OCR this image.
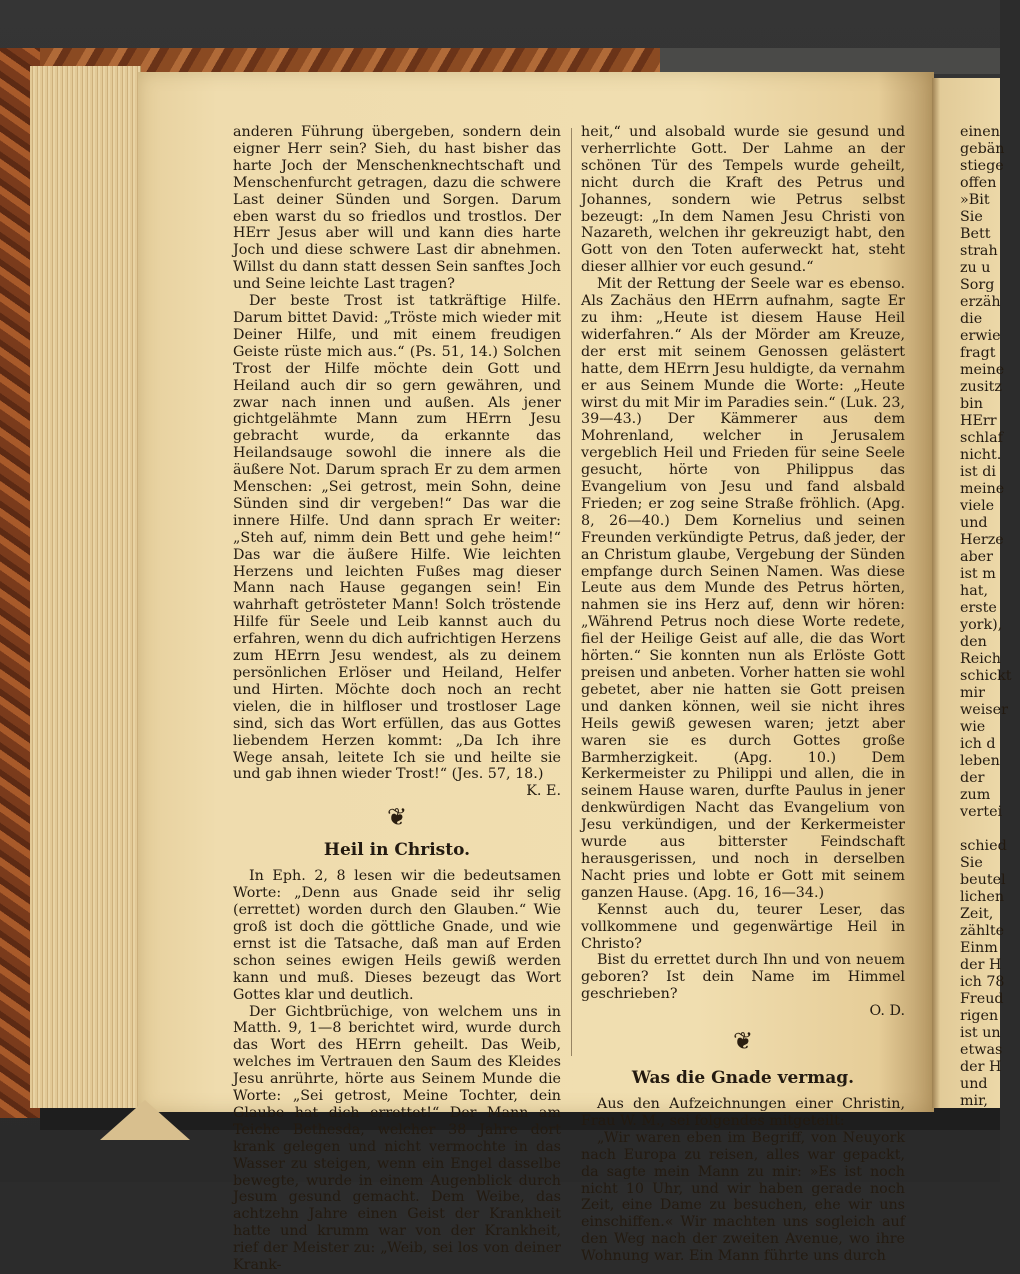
anderen Führung übergeben, sondern dein eigner Herr sein? Sieh, du hast bisher das harte Joch der Menschenknechtschaft und Menschenfurcht getragen, dazu die schwere Last deiner Sünden und Sorgen. Darum eben warst du so friedlos und trostlos. Der HErr Jesus aber will und kann dies harte Joch und diese schwere Last dir abnehmen. Willst du dann statt dessen Sein sanftes Joch und Seine leichte Last tragen?

Der beste Trost ist tatkräftige Hilfe. Darum bittet David: „Tröste mich wieder mit Deiner Hilfe, und mit einem freudigen Geiste rüste mich aus.“ (Ps. 51, 14.) Solchen Trost der Hilfe möchte dein Gott und Heiland auch dir so gern gewähren, und zwar nach innen und außen. Als jener gichtgelähmte Mann zum HErrn Jesu gebracht wurde, da erkannte das Heilandsauge sowohl die innere als die äußere Not. Darum sprach Er zu dem armen Menschen: „Sei getrost, mein Sohn, deine Sünden sind dir vergeben!“ Das war die innere Hilfe. Und dann sprach Er weiter: „Steh auf, nimm dein Bett und gehe heim!“ Das war die äußere Hilfe. Wie leichten Herzens und leichten Fußes mag dieser Mann nach Hause gegangen sein! Ein wahrhaft getrösteter Mann! Solch tröstende Hilfe für Seele und Leib kannst auch du erfahren, wenn du dich aufrichtigen Herzens zum HErrn Jesu wendest, als zu deinem persönlichen Erlöser und Heiland, Helfer und Hirten. Möchte doch noch an recht vielen, die in hilfloser und trostloser Lage sind, sich das Wort erfüllen, das aus Gottes liebendem Herzen kommt: „Da Ich ihre Wege ansah, leitete Ich sie und heilte sie und gab ihnen wieder Trost!“ (Jes. 57, 18.)

K. E.

❦
Heil in Christo.

In Eph. 2, 8 lesen wir die bedeutsamen Worte: „Denn aus Gnade seid ihr selig (errettet) worden durch den Glauben.“ Wie groß ist doch die göttliche Gnade, und wie ernst ist die Tatsache, daß man auf Erden schon seines ewigen Heils gewiß werden kann und muß. Dieses bezeugt das Wort Gottes klar und deutlich.

Der Gichtbrüchige, von welchem uns in Matth. 9, 1—8 berichtet wird, wurde durch das Wort des HErrn geheilt. Das Weib, welches im Vertrauen den Saum des Kleides Jesu anrührte, hörte aus Seinem Munde die Worte: „Sei getrost, Meine Tochter, dein Glaube hat dich errettet!“ Der Mann am Teiche Bethesda, welcher 38 Jahre dort krank gelegen und nicht vermochte in das Wasser zu steigen, wenn ein Engel dasselbe bewegte, wurde in einem Augenblick durch Jesum gesund gemacht. Dem Weibe, das achtzehn Jahre einen Geist der Krankheit hatte und krumm war von der Krankheit, rief der Meister zu: „Weib, sei los von deiner Krank-

heit,“ und alsobald wurde sie gesund und verherrlichte Gott. Der Lahme an der schönen Tür des Tempels wurde geheilt, nicht durch die Kraft des Petrus und Johannes, sondern wie Petrus selbst bezeugt: „In dem Namen Jesu Christi von Nazareth, welchen ihr gekreuzigt habt, den Gott von den Toten auferweckt hat, steht dieser allhier vor euch gesund.“

Mit der Rettung der Seele war es ebenso. Als Zachäus den HErrn aufnahm, sagte Er zu ihm: „Heute ist diesem Hause Heil widerfahren.“ Als der Mörder am Kreuze, der erst mit seinem Genossen gelästert hatte, dem HErrn Jesu huldigte, da vernahm er aus Seinem Munde die Worte: „Heute wirst du mit Mir im Paradies sein.“ (Luk. 23, 39—43.) Der Kämmerer aus dem Mohrenland, welcher in Jerusalem vergeblich Heil und Frieden für seine Seele gesucht, hörte von Philippus das Evangelium von Jesu und fand alsbald Frieden; er zog seine Straße fröhlich. (Apg. 8, 26—40.) Dem Kornelius und seinen Freunden verkündigte Petrus, daß jeder, der an Christum glaube, Vergebung der Sünden empfange durch Seinen Namen. Was diese Leute aus dem Munde des Petrus hörten, nahmen sie ins Herz auf, denn wir hören: „Während Petrus noch diese Worte redete, fiel der Heilige Geist auf alle, die das Wort hörten.“ Sie konnten nun als Erlöste Gott preisen und anbeten. Vorher hatten sie wohl gebetet, aber nie hatten sie Gott preisen und danken können, weil sie nicht ihres Heils gewiß gewesen waren; jetzt aber waren sie es durch Gottes große Barmherzigkeit. (Apg. 10.) Dem Kerkermeister zu Philippi und allen, die in seinem Hause waren, durfte Paulus in jener denkwürdigen Nacht das Evangelium von Jesu verkündigen, und der Kerkermeister wurde aus bitterster Feindschaft herausgerissen, und noch in derselben Nacht pries und lobte er Gott mit seinem ganzen Hause. (Apg. 16, 16—34.)

Kennst auch du, teurer Leser, das vollkommene und gegenwärtige Heil in Christo?

Bist du errettet durch Ihn und von neuem geboren? Ist dein Name im Himmel geschrieben?

O. D.

❦
Was die Gnade vermag.

Aus den Aufzeichnungen einer Christin, Frau W. M., sei folgendes mitgeteilt:

„Wir waren eben im Begriff, von Neuyork nach Europa zu reisen, alles war gepackt, da sagte mein Mann zu mir: »Es ist noch nicht 10 Uhr, und wir haben gerade noch Zeit, eine Dame zu besuchen, ehe wir uns einschiffen.« Wir machten uns sogleich auf den Weg nach der zweiten Avenue, wo ihre Wohnung war. Ein Mann führte uns durch

einen
gebän
stiege
offen
»Bit
Sie
Bett
strah
zu u
Sorg
erzäh
die
erwie
fragt
meine
zusitz
bin
HErr
schlaf
nicht.
ist di
meine
viele
und
Herze
aber
ist m
hat,
erste
york),
den
Reich
schickt
mir
weiser
wie
ich d
leben
der
zum
vertei
schied
Sie
beutel
lichen
Zeit,
zählte
Einm
der H
ich 78
Freud
rigen
ist un
etwas
der H
und
mir,
